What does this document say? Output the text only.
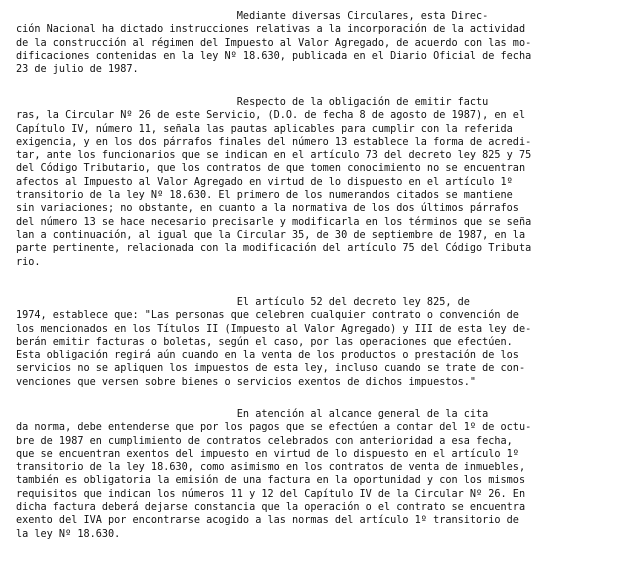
Mediante diversas Circulares, esta Direc-
ción Nacional ha dictado instrucciones relativas a la incorporación de la actividad
de la construcción al régimen del Impuesto al Valor Agregado, de acuerdo con las mo-
dificaciones contenidas en la ley Nº 18.630, publicada en el Diario Oficial de fecha
23 de julio de 1987.
Respecto de la obligación de emitir factu
ras, la Circular Nº 26 de este Servicio, (D.O. de fecha 8 de agosto de 1987), en el
Capítulo IV, número 11, señala las pautas aplicables para cumplir con la referida
exigencia, y en los dos párrafos finales del número 13 establece la forma de acredi-
tar, ante los funcionarios que se indican en el artículo 73 del decreto ley 825 y 75
del Código Tributario, que los contratos de que tomen conocimiento no se encuentran
afectos al Impuesto al Valor Agregado en virtud de lo dispuesto en el artículo 1º
transitorio de la ley Nº 18.630. El primero de los numerandos citados se mantiene
sin variaciones; no obstante, en cuanto a la normativa de los dos últimos párrafos
del número 13 se hace necesario precisarle y modificarla en los términos que se seña
lan a continuación, al igual que la Circular 35, de 30 de septiembre de 1987, en la
parte pertinente, relacionada con la modificación del artículo 75 del Código Tributa
rio.
El artículo 52 del decreto ley 825, de
1974, establece que: "Las personas que celebren cualquier contrato o convención de
los mencionados en los Títulos II (Impuesto al Valor Agregado) y III de esta ley de-
berán emitir facturas o boletas, según el caso, por las operaciones que efectúen.
Esta obligación regirá aún cuando en la venta de los productos o prestación de los
servicios no se apliquen los impuestos de esta ley, incluso cuando se trate de con-
venciones que versen sobre bienes o servicios exentos de dichos impuestos."
En atención al alcance general de la cita
da norma, debe entenderse que por los pagos que se efectúen a contar del 1º de octu-
bre de 1987 en cumplimiento de contratos celebrados con anterioridad a esa fecha,
que se encuentran exentos del impuesto en virtud de lo dispuesto en el artículo 1º
transitorio de la ley 18.630, como asimismo en los contratos de venta de inmuebles,
también es obligatoria la emisión de una factura en la oportunidad y con los mismos
requisitos que indican los números 11 y 12 del Capítulo IV de la Circular Nº 26. En
dicha factura deberá dejarse constancia que la operación o el contrato se encuentra
exento del IVA por encontrarse acogido a las normas del artículo 1º transitorio de
la ley Nº 18.630.
